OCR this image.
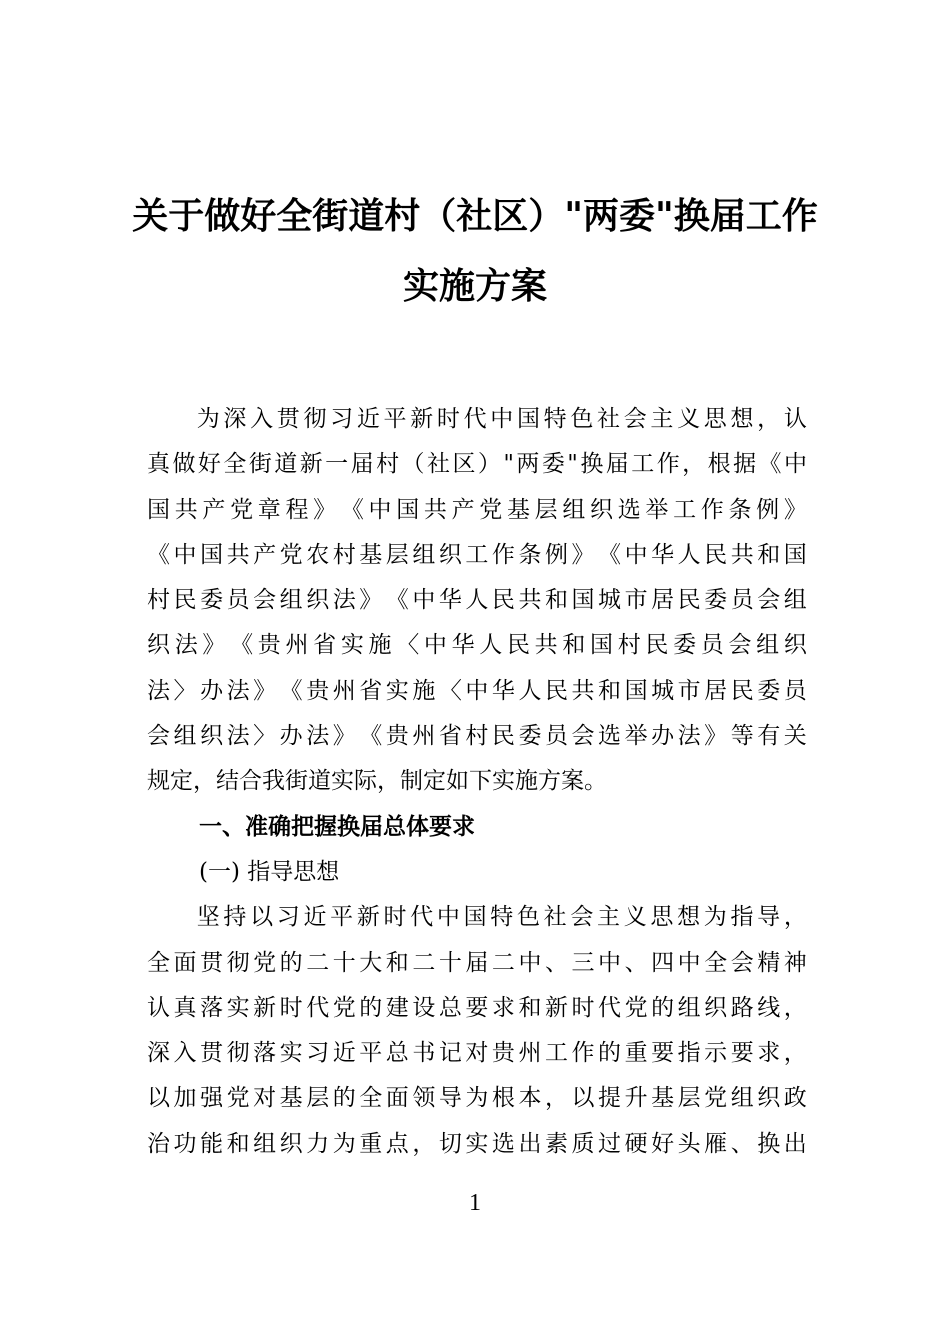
关于做好全街道村（社区）"两委"换届工作
实施方案

为 深 入 贯 彻 习 近 平 新 时 代 中 国 特 色 社 会 主 义 思 想 ， 认
真 做 好 全 街 道 新 一 届 村 （ 社 区 ） " 两 委 " 换 届 工 作 ， 根 据 《 中
国 共 产 党 章 程 》 《 中 国 共 产 党 基 层 组 织 选 举 工 作 条 例 》
《 中 国 共 产 党 农 村 基 层 组 织 工 作 条 例 》 《 中 华 人 民 共 和 国
村 民 委 员 会 组 织 法 》 《 中 华 人 民 共 和 国 城 市 居 民 委 员 会 组
织 法 》 《 贵 州 省 实 施 〈 中 华 人 民 共 和 国 村 民 委 员 会 组 织
法 〉 办 法 》 《 贵 州 省 实 施 〈 中 华 人 民 共 和 国 城 市 居 民 委 员
会 组 织 法 〉 办 法 》 《 贵 州 省 村 民 委 员 会 选 举 办 法 》 等 有 关
规定，结合我街道实际，制定如下实施方案。
一、准确把握换届总体要求
(一) 指导思想

坚 持 以 习 近 平 新 时 代 中 国 特 色 社 会 主 义 思 想 为 指 导 ，
全 面 贯 彻 党 的 二 十 大 和 二 十 届 二 中 、 三 中 、 四 中 全 会 精 神
认 真 落 实 新 时 代 党 的 建 设 总 要 求 和 新 时 代 党 的 组 织 路 线 ，
深 入 贯 彻 落 实 习 近 平 总 书 记 对 贵 州 工 作 的 重 要 指 示 要 求 ，
以 加 强 党 对 基 层 的 全 面 领 导 为 根 本 ， 以 提 升 基 层 党 组 织 政
治 功 能 和 组 织 力 为 重 点 ， 切 实 选 出 素 质 过 硬 好 头 雁 、 换 出
1
